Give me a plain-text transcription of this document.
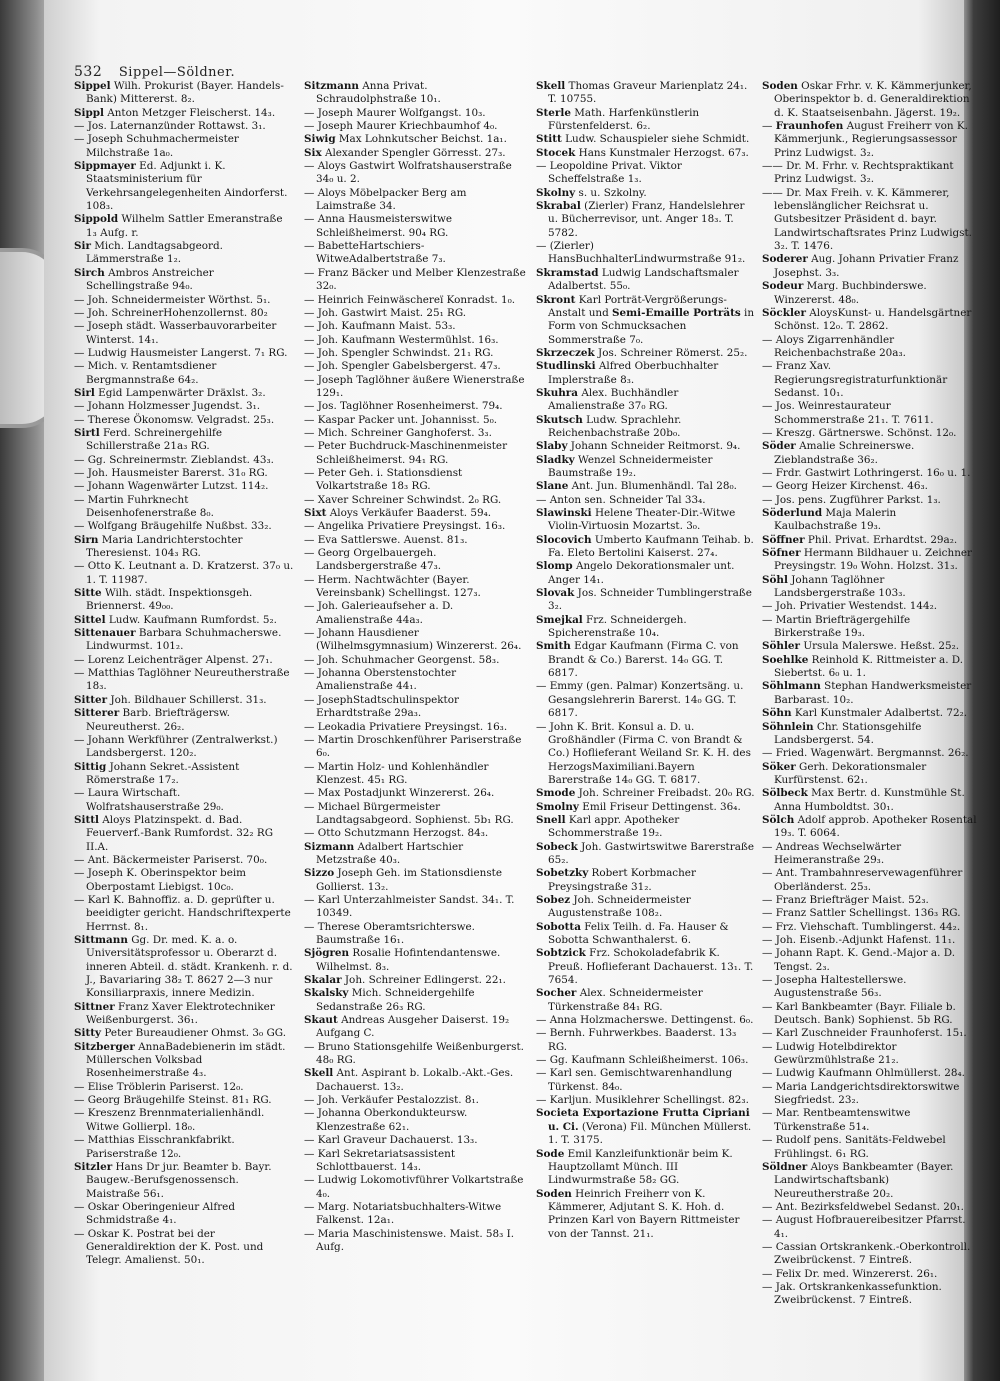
532 Sippel—Söldner.

Sippel Wilh. Prokurist (Bayer. Handels-Bank) Mittererst. 8₂.

Sippl Anton Metzger Fleischerst. 14₃.

— Jos. Laternanzünder Rottawst. 3₁.

— Joseph Schuhmachermeister Milchstraße 1a₀.

Sippmayer Ed. Adjunkt i. K. Staatsministerium für Verkehrsangelegenheiten Aindorferst. 108₃.

Sippold Wilhelm Sattler Emeranstraße 1₃ Aufg. r.

Sir Mich. Landtagsabgeord. Lämmerstraße 1₂.

Sirch Ambros Anstreicher Schellingstraße 94₀.

— Joh. Schneidermeister Wörthst. 5₁.

— Joh. SchreinerHohenzollernst. 80₂

— Joseph städt. Wasserbauvorarbeiter Winterst. 14₁.

— Ludwig Hausmeister Langerst. 7₁ RG.

— Mich. v. Rentamtsdiener Bergmannstraße 64₂.

Sirl Egid Lampenwärter Dräxlst. 3₂.

— Johann Holzmesser Jugendst. 3₁.

— Therese Ökonomsw. Velgradst. 25₃.

Sirtl Ferd. Schreinergehilfe Schillerstraße 21a₃ RG.

— Gg. Schreinermstr. Zieblandst. 43₃.

— Joh. Hausmeister Barerst. 31₀ RG.

— Johann Wagenwärter Lutzst. 114₂.

— Martin Fuhrknecht Deisenhofenerstraße 8₀.

— Wolfgang Bräugehilfe Nußbst. 33₂.

Sirn Maria Landrichterstochter Theresienst. 104₃ RG.

— Otto K. Leutnant a. D. Kratzerst. 37₀ u. 1. T. 11987.

Sitte Wilh. städt. Inspektionsgeh. Briennerst. 49₀₀.

Sittel Ludw. Kaufmann Rumfordst. 5₂.

Sittenauer Barbara Schuhmacherswe. Lindwurmst. 101₂.

— Lorenz Leichenträger Alpenst. 27₁.

— Matthias Taglöhner Neureutherstraße 18₃.

Sitter Joh. Bildhauer Schillerst. 31₃.

Sitterer Barb. Briefträgersw. Neureutherst. 26₂.

— Johann Werkführer (Zentralwerkst.) Landsbergerst. 120₂.

Sittig Johann Sekret.-Assistent Römerstraße 17₂.

— Laura Wirtschaft. Wolfratshauserstraße 29₀.

Sittl Aloys Platzinspekt. d. Bad. Feuerverf.-Bank Rumfordst. 32₂ RG II.A.

— Ant. Bäckermeister Pariserst. 70₀.

— Joseph K. Oberinspektor beim Oberpostamt Liebigst. 10c₀.

— Karl K. Bahnoffiz. a. D. geprüfter u. beeidigter gericht. Handschriftexperte Herrnst. 8₁.

Sittmann Gg. Dr. med. K. a. o. Universitätsprofessor u. Oberarzt d. inneren Abteil. d. städt. Krankenh. r. d. J., Bavariaring 38₂ T. 8627 2—3 nur Konsiliarpraxis, innere Medizin.

Sittner Franz Xaver Elektrotechniker Weißenburgerst. 36₁.

Sitty Peter Bureaudiener Ohmst. 3₀ GG.

Sitzberger AnnaBadebienerin im städt. Müllerschen Volksbad Rosenheimerstraße 4₃.

— Elise Tröblerin Pariserst. 12₀.

— Georg Bräugehilfe Steinst. 81₁ RG.

— Kreszenz Brennmaterialienhändl. Witwe Gollierpl. 18₀.

— Matthias Eisschrankfabrikt. Pariserstraße 12₀.

Sitzler Hans Dr jur. Beamter b. Bayr. Baugew.-Berufsgenossensch. Maistraße 56₁.

— Oskar Oberingenieur Alfred Schmidstraße 4₁.

— Oskar K. Postrat bei der Generaldirektion der K. Post. und Telegr. Amalienst. 50₁.

Sitzmann Anna Privat. Schraudolphstraße 10₁.

— Joseph Maurer Wolfgangst. 10₃.

— Joseph Maurer Kriechbaumhof 4₀.

Siwig Max Lohnkutscher Beichst. 1a₁.

Six Alexander Spengler Görresst. 27₃.

— Aloys Gastwirt Wolfratshauserstraße 34₀ u. 2.

— Aloys Möbelpacker Berg am Laimstraße 34.

— Anna Hausmeisterswitwe Schleißheimerst. 90₄ RG.

— BabetteHartschiers-WitweAdalbertstraße 7₃.

— Franz Bäcker und Melber Klenzestraße 32₀.

— Heinrich Feinwäschereï Konradst. 1₀.

— Joh. Gastwirt Maist. 25₁ RG.

— Joh. Kaufmann Maist. 53₃.

— Joh. Kaufmann Westermühlst. 16₃.

— Joh. Spengler Schwindst. 21₁ RG.

— Joh. Spengler Gabelsbergerst. 47₃.

— Joseph Taglöhner äußere Wienerstraße 129₁.

— Jos. Taglöhner Rosenheimerst. 79₄.

— Kaspar Packer unt. Johannisst. 5₀.

— Mich. Schreiner Ganghoferst. 3₃.

— Peter Buchdruck-Maschinenmeister Schleißheimerst. 94₁ RG.

— Peter Geh. i. Stationsdienst Volkartstraße 18₃ RG.

— Xaver Schreiner Schwindst. 2₀ RG.

Sixt Aloys Verkäufer Baaderst. 59₄.

— Angelika Privatiere Preysingst. 16₃.

— Eva Sattlerswe. Auenst. 81₃.

— Georg Orgelbauergeh. Landsbergerstraße 47₃.

— Herm. Nachtwächter (Bayer. Vereinsbank) Schellingst. 127₃.

— Joh. Galerieaufseher a. D. Amalienstraße 44a₃.

— Johann Hausdiener (Wilhelmsgymnasium) Winzererst. 26₄.

— Joh. Schuhmacher Georgenst. 58₃.

— Johanna Oberstenstochter Amalienstraße 44₁.

— JosephStadtschulinspektor Erhardtstraße 29a₃.

— Leokadia Privatiere Preysingst. 16₃.

— Martin Droschkenführer Pariserstraße 6₀.

— Martin Holz- und Kohlenhändler Klenzest. 45₁ RG.

— Max Postadjunkt Winzererst. 26₄.

— Michael Bürgermeister Landtagsabgeord. Sophienst. 5b₁ RG.

— Otto Schutzmann Herzogst. 84₃.

Sizmann Adalbert Hartschier Metzstraße 40₃.

Sizzo Joseph Geh. im Stationsdienste Gollierst. 13₂.

— Karl Unterzahlmeister Sandst. 34₁. T. 10349.

— Therese Oberamtsrichterswe. Baumstraße 16₁.

Sjögren Rosalie Hofintendantenswe. Wilhelmst. 8₃.

Skalar Joh. Schreiner Edlingerst. 22₁.

Skalsky Mich. Schneidergehilfe Sedanstraße 26₃ RG.

Skaut Andreas Ausgeher Daiserst. 19₂ Aufgang C.

— Bruno Stationsgehilfe Weißenburgerst. 48₀ RG.

Skell Ant. Aspirant b. Lokalb.-Akt.-Ges. Dachauerst. 13₂.

— Joh. Verkäufer Pestalozzist. 8₁.

— Johanna Oberkondukteursw. Klenzestraße 62₁.

— Karl Graveur Dachauerst. 13₃.

— Karl Sekretariatsassistent Schlottbauerst. 14₃.

— Ludwig Lokomotivführer Volkartstraße 4₀.

— Marg. Notariatsbuchhalters-Witwe Falkenst. 12a₁.

— Maria Maschinistenswe. Maist. 58₃ I. Aufg.

Skell Thomas Graveur Marienplatz 24₁. T. 10755.

Sterle Math. Harfenkünstlerin Fürstenfelderst. 6₂.

Stitt Ludw. Schauspieler siehe Schmidt.

Stocek Hans Kunstmaler Herzogst. 67₃.

— Leopoldine Privat. Viktor Scheffelstraße 1₃.

Skolny s. u. Szkolny.

Skrabal (Zierler) Franz, Handelslehrer u. Bücherrevisor, unt. Anger 18₃. T. 5782.

— (Zierler) HansBuchhalterLindwurmstraße 91₂.

Skramstad Ludwig Landschaftsmaler Adalbertst. 55₀.

Skront Karl Porträt-Vergrößerungs-Anstalt und Semi-Emaille Porträts in Form von Schmucksachen Sommerstraße 7₀.

Skrzeczek Jos. Schreiner Römerst. 25₂.

Studlinski Alfred Oberbuchhalter Implerstraße 8₃.

Skuhra Alex. Buchhändler Amalienstraße 37₀ RG.

Skutsch Ludw. Sprachlehr. Reichenbachstraße 20b₀.

Slaby Johann Schneider Reitmorst. 9₄.

Sladky Wenzel Schneidermeister Baumstraße 19₂.

Slane Ant. Jun. Blumenhändl. Tal 28₀.

— Anton sen. Schneider Tal 33₄.

Slawinski Helene Theater-Dir.-Witwe Violin-Virtuosin Mozartst. 3₀.

Slocovich Umberto Kaufmann Teihab. b. Fa. Eleto Bertolini Kaiserst. 27₄.

Slomp Angelo Dekorationsmaler unt. Anger 14₁.

Slovak Jos. Schneider Tumblingerstraße 3₂.

Smejkal Frz. Schneidergeh. Spicherenstraße 10₄.

Smith Edgar Kaufmann (Firma C. von Brandt & Co.) Barerst. 14₀ GG. T. 6817.

— Emmy (gen. Palmar) Konzertsäng. u. Gesangslehrerin Barerst. 14₀ GG. T. 6817.

— John K. Brit. Konsul a. D. u. Großhändler (Firma C. von Brandt & Co.) Hoflieferant Weiland Sr. K. H. des HerzogsMaximiliani.Bayern Barerstraße 14₀ GG. T. 6817.

Smode Joh. Schreiner Freibadst. 20₀ RG.

Smolny Emil Friseur Dettingenst. 36₄.

Snell Karl appr. Apotheker Schommerstraße 19₂.

Sobeck Joh. Gastwirtswitwe Barerstraße 65₂.

Sobetzky Robert Korbmacher Preysingstraße 31₂.

Sobez Joh. Schneidermeister Augustenstraße 108₂.

Sobotta Felix Teilh. d. Fa. Hauser & Sobotta Schwanthalerst. 6.

Sobtzick Frz. Schokoladefabrik K. Preuß. Hoflieferant Dachauerst. 13₁. T. 7654.

Socher Alex. Schneidermeister Türkenstraße 84₁ RG.

— Anna Holzmacherswe. Dettingenst. 6₀.

— Bernh. Fuhrwerkbes. Baaderst. 13₃ RG.

— Gg. Kaufmann Schleißheimerst. 106₃.

— Karl sen. Gemischtwarenhandlung Türkenst. 84₀.

— Karljun. Musiklehrer Schellingst. 82₃.

Societa Exportazione Frutta Cipriani u. Ci. (Verona) Fil. München Müllerst. 1. T. 3175.

Sode Emil Kanzleifunktionär beim K. Hauptzollamt Münch. III Lindwurmstraße 58₂ GG.

Soden Heinrich Freiherr von K. Kämmerer, Adjutant S. K. Hoh. d. Prinzen Karl von Bayern Rittmeister von der Tannst. 21₁.

Soden Oskar Frhr. v. K. Kämmerjunker, Oberinspektor b. d. Generaldirektion d. K. Staatseisenbahn. Jägerst. 19₂.

— Fraunhofen August Freiherr von K. Kämmerjunk., Regierungsassessor Prinz Ludwigst. 3₂.

—— Dr. M. Frhr. v. Rechtspraktikant Prinz Ludwigst. 3₂.

—— Dr. Max Freih. v. K. Kämmerer, lebenslänglicher Reichsrat u. Gutsbesitzer Präsident d. bayr. Landwirtschaftsrates Prinz Ludwigst. 3₂. T. 1476.

Soderer Aug. Johann Privatier Franz Josephst. 3₃.

Sodeur Marg. Buchbinderswe. Winzererst. 48₀.

Söckler AloysKunst- u. Handelsgärtner Schönst. 12₀. T. 2862.

— Aloys Zigarrenhändler Reichenbachstraße 20a₃.

— Franz Xav. Regierungsregistraturfunktionär Sedanst. 10₁.

— Jos. Weinrestaurateur Schommerstraße 21₁. T. 7611.

— Kreszg. Gärtnerswe. Schönst. 12₀.

Söder Amalie Schreinerswe. Zieblandstraße 36₂.

— Frdr. Gastwirt Lothringerst. 16₀ u. 1.

— Georg Heizer Kirchenst. 46₃.

— Jos. pens. Zugführer Parkst. 1₃.

Söderlund Maja Malerin Kaulbachstraße 19₃.

Söffner Phil. Privat. Erhardtst. 29a₂.

Söfner Hermann Bildhauer u. Zeichner Preysingstr. 19₀ Wohn. Holzst. 31₃.

Söhl Johann Taglöhner Landsbergerstraße 103₃.

— Joh. Privatier Westendst. 144₂.

— Martin Briefträgergehilfe Birkerstraße 19₃.

Söhler Ursula Malerswe. Heßst. 25₂.

Soehlke Reinhold K. Rittmeister a. D. Siebertst. 6₀ u. 1.

Söhlmann Stephan Handwerksmeister Barbarast. 10₂.

Söhn Karl Kunstmaler Adalbertst. 72₂.

Söhnlein Chr. Stationsgehilfe Landsbergerst. 54.

— Fried. Wagenwärt. Bergmannst. 26₂.

Söker Gerh. Dekorationsmaler Kurfürstenst. 62₁.

Sölbeck Max Bertr. d. Kunstmühle St. Anna Humboldtst. 30₁.

Sölch Adolf approb. Apotheker Rosental 19₃. T. 6064.

— Andreas Wechselwärter Heimeranstraße 29₃.

— Ant. Trambahnreservewagenführer Oberländerst. 25₃.

— Franz Briefträger Maist. 52₃.

— Franz Sattler Schellingst. 136₃ RG.

— Frz. Viehschaft. Tumblingerst. 44₂.

— Joh. Eisenb.-Adjunkt Hafenst. 11₁.

— Johann Rapt. K. Gend.-Major a. D. Tengst. 2₃.

— Josepha Haltestellerswe. Augustenstraße 56₃.

— Karl Bankbeamter (Bayr. Filiale b. Deutsch. Bank) Sophienst. 5b RG.

— Karl Zuschneider Fraunhoferst. 15₁.

— Ludwig Hotelbdirektor Gewürzmühlstraße 21₂.

— Ludwig Kaufmann Ohlmüllerst. 28₄.

— Maria Landgerichtsdirektorswitwe Siegfriedst. 23₂.

— Mar. Rentbeamtenswitwe Türkenstraße 51₄.

— Rudolf pens. Sanitäts-Feldwebel Frühlingst. 6₁ RG.

Söldner Aloys Bankbeamter (Bayer. Landwirtschaftsbank) Neureutherstraße 20₂.

— Ant. Bezirksfeldwebel Sedanst. 20₁.

— August Hofbrauereibesitzer Pfarrst. 4₁.

— Cassian Ortskrankenk.-Oberkontroll. Zweibrückenst. 7 Eintreß.

— Felix Dr. med. Winzererst. 26₁.

— Jak. Ortskrankenkassefunktion. Zweibrückenst. 7 Eintreß.
